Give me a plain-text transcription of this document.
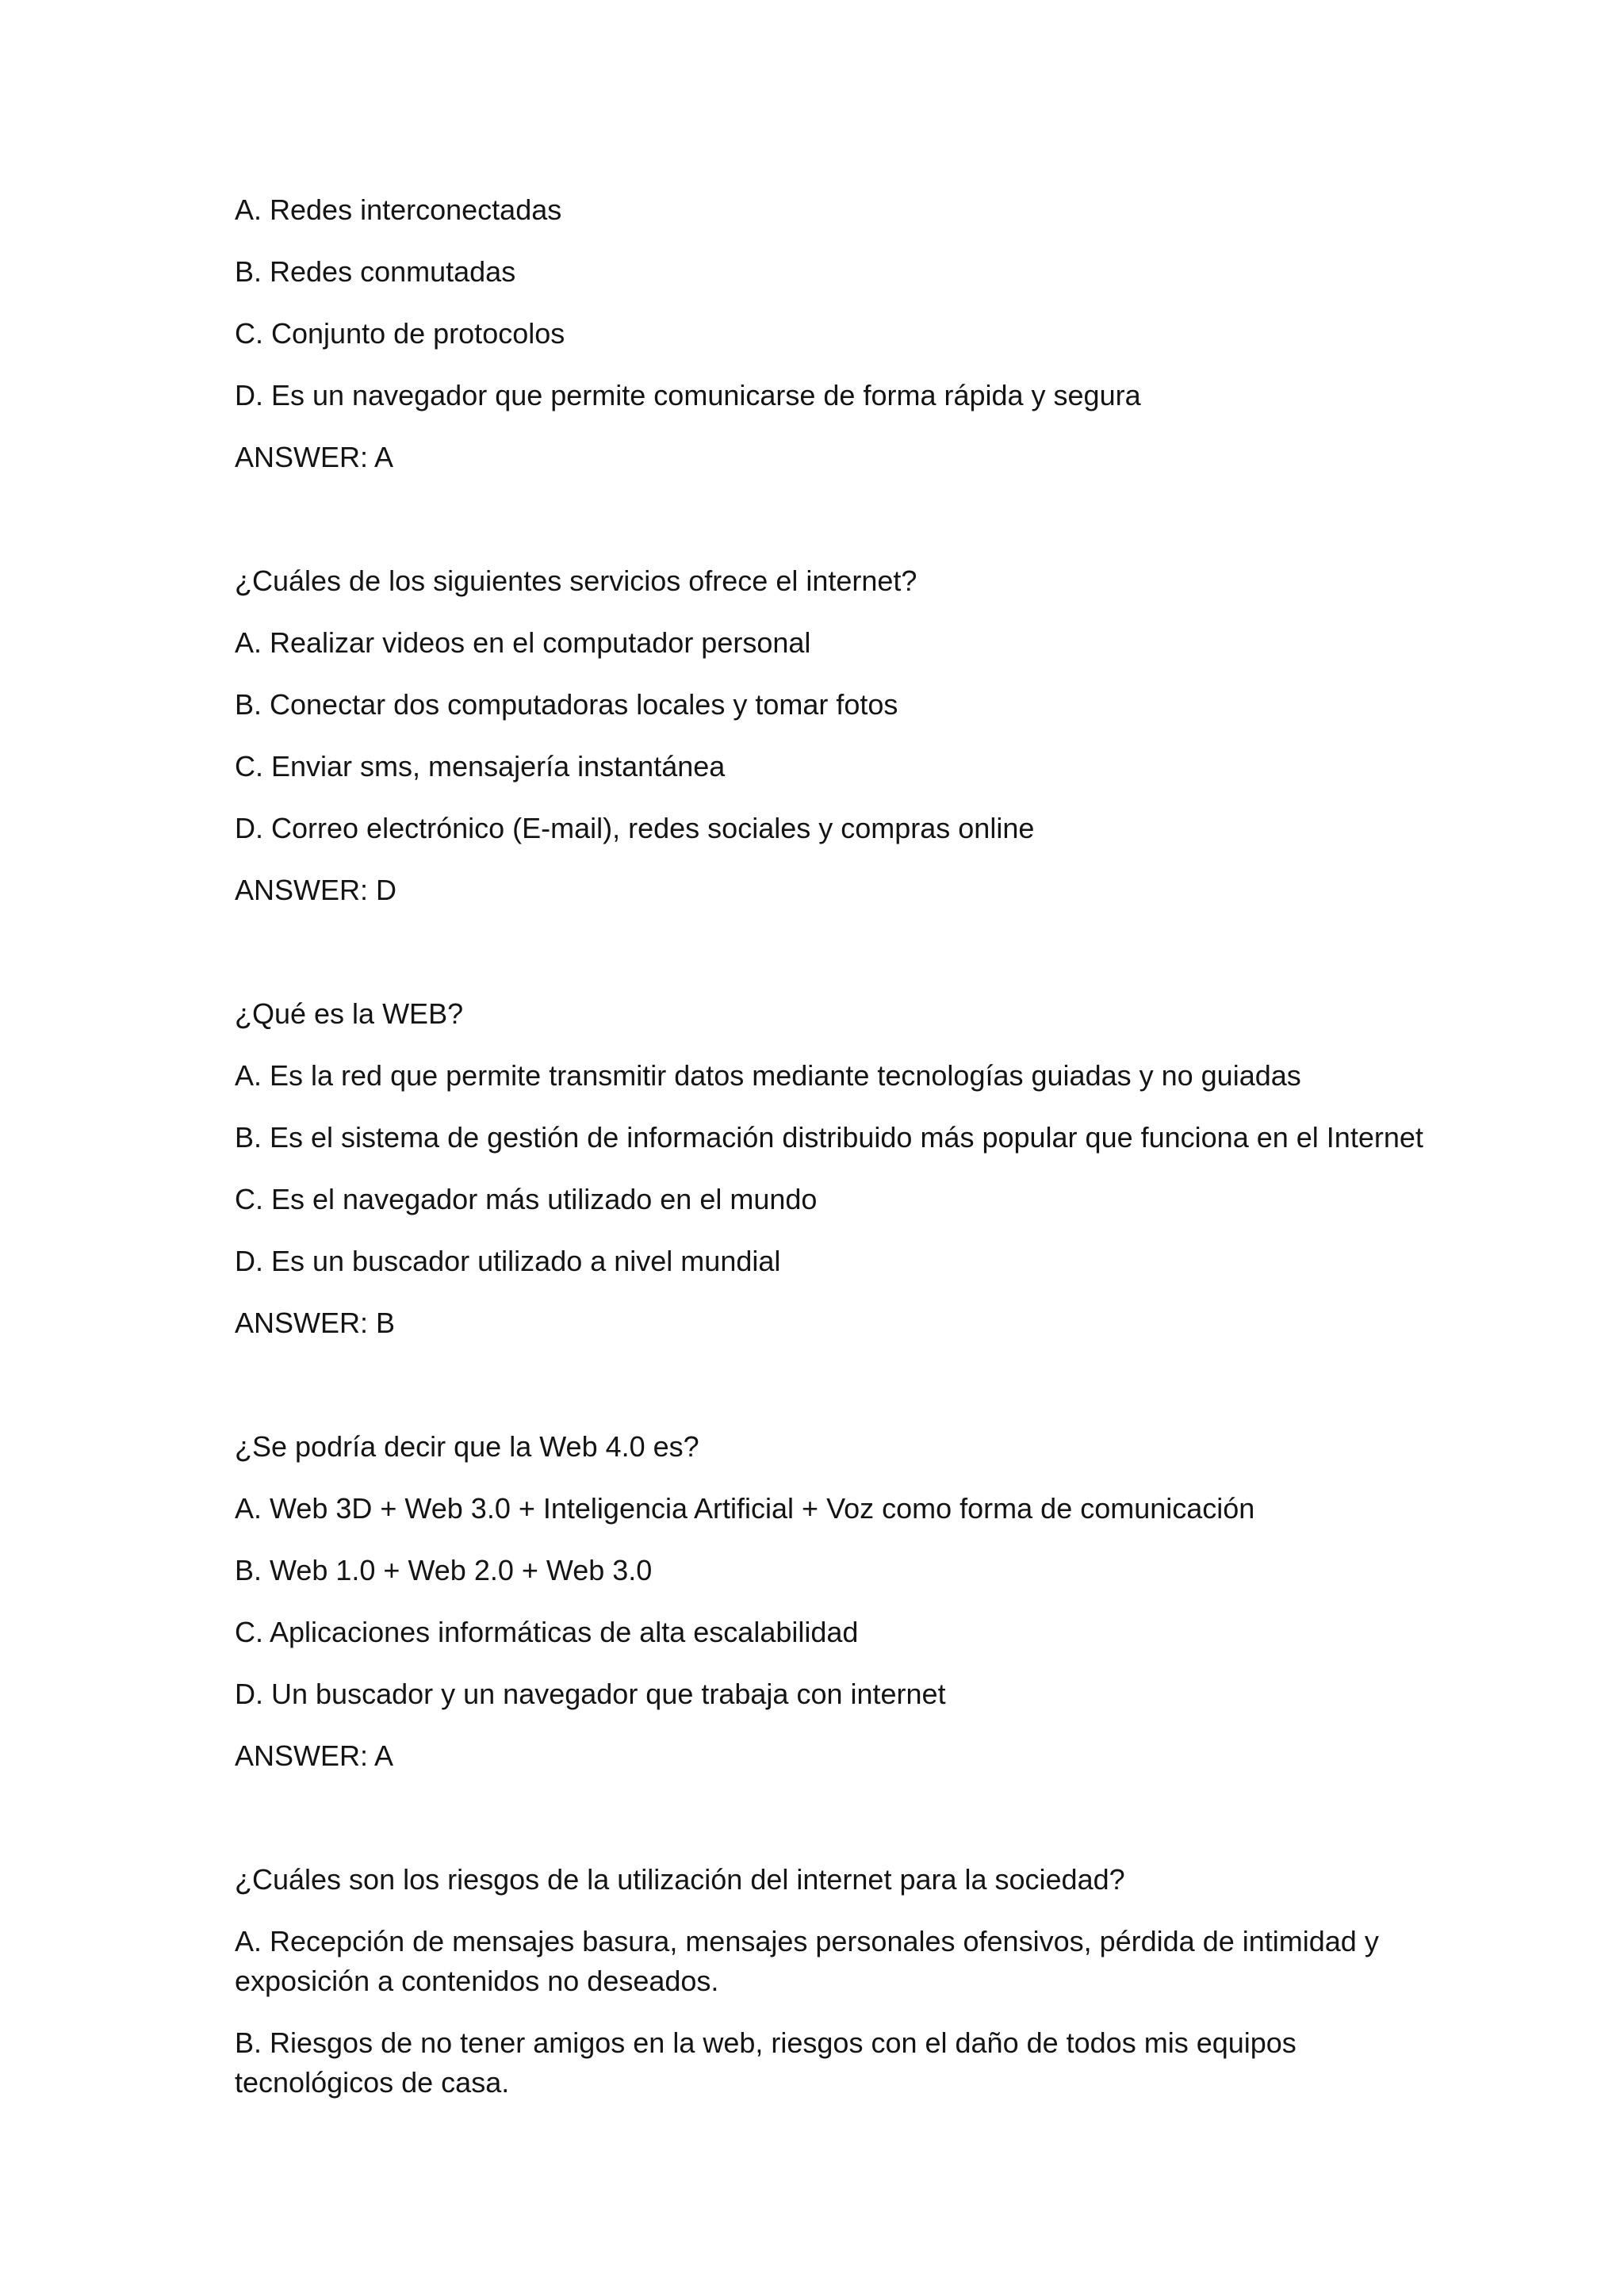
A. Redes interconectadas

B. Redes conmutadas

C. Conjunto de protocolos

D. Es un navegador que permite comunicarse de forma rápida y segura

ANSWER: A

¿Cuáles de los siguientes servicios ofrece el internet?

A. Realizar videos en el computador personal

B. Conectar dos computadoras locales y tomar fotos

C. Enviar sms, mensajería instantánea

D. Correo electrónico (E-mail), redes sociales y compras online

ANSWER: D

¿Qué es la WEB?

A. Es la red que permite transmitir datos mediante tecnologías guiadas y no guiadas

B. Es el sistema de gestión de información distribuido más popular que funciona en el Internet

C. Es el navegador más utilizado en el mundo

D. Es un buscador utilizado a nivel mundial

ANSWER: B

¿Se podría decir que la Web 4.0 es?

A. Web 3D + Web 3.0 + Inteligencia Artificial + Voz como forma de comunicación

B. Web 1.0 + Web 2.0 + Web 3.0

C. Aplicaciones informáticas de alta escalabilidad

D. Un buscador y un navegador que trabaja con internet

ANSWER: A

¿Cuáles son los riesgos de la utilización del internet para la sociedad?

A. Recepción de mensajes basura, mensajes personales ofensivos, pérdida de intimidad y exposición a contenidos no deseados.

B. Riesgos de no tener amigos en la web, riesgos con el daño de todos mis equipos tecnológicos de casa.
